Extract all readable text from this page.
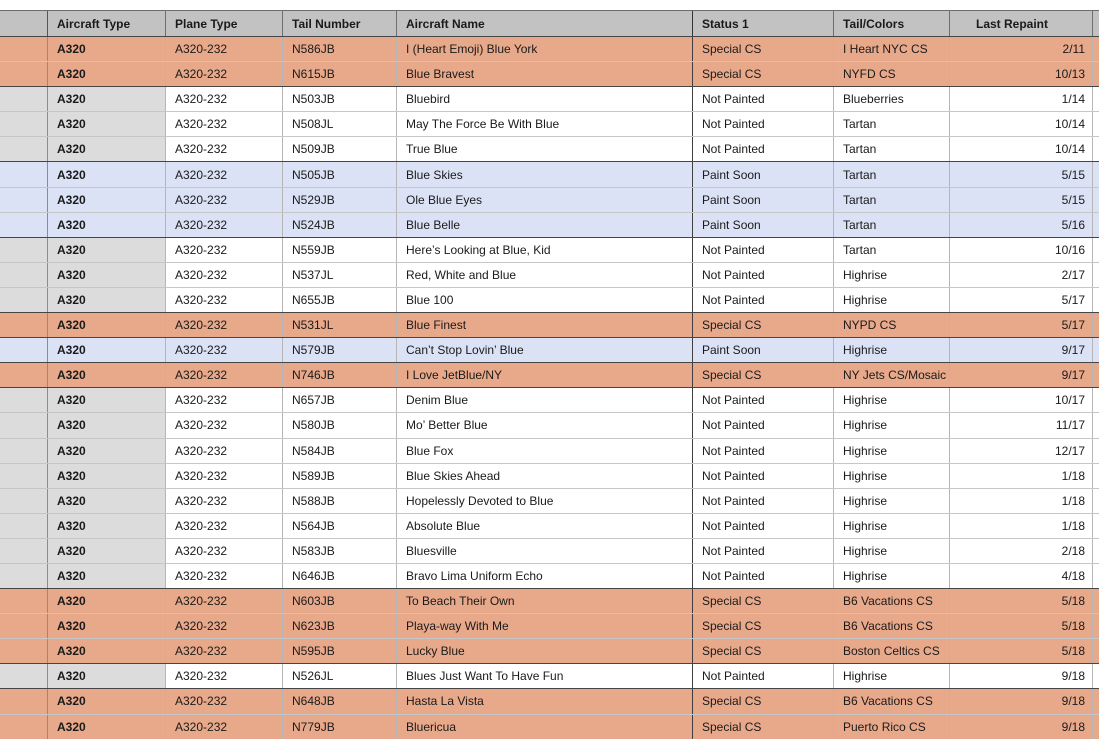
Aircraft Type	Plane Type	Tail Number	Aircraft Name	Status 1	Tail/Colors	Last Repaint
A320	A320-232	N586JB	I (Heart Emoji) Blue York	Special CS	I Heart NYC CS	2/11
A320	A320-232	N615JB	Blue Bravest	Special CS	NYFD CS	10/13
A320	A320-232	N503JB	Bluebird	Not Painted	Blueberries	1/14
A320	A320-232	N508JL	May The Force Be With Blue	Not Painted	Tartan	10/14
A320	A320-232	N509JB	True Blue	Not Painted	Tartan	10/14
A320	A320-232	N505JB	Blue Skies	Paint Soon	Tartan	5/15
A320	A320-232	N529JB	Ole Blue Eyes	Paint Soon	Tartan	5/15
A320	A320-232	N524JB	Blue Belle	Paint Soon	Tartan	5/16
A320	A320-232	N559JB	Here’s Looking at Blue, Kid	Not Painted	Tartan	10/16
A320	A320-232	N537JL	Red, White and Blue	Not Painted	Highrise	2/17
A320	A320-232	N655JB	Blue 100	Not Painted	Highrise	5/17
A320	A320-232	N531JL	Blue Finest	Special CS	NYPD CS	5/17
A320	A320-232	N579JB	Can’t Stop Lovin’ Blue	Paint Soon	Highrise	9/17
A320	A320-232	N746JB	I Love JetBlue/NY	Special CS	NY Jets CS/Mosaic	9/17
A320	A320-232	N657JB	Denim Blue	Not Painted	Highrise	10/17
A320	A320-232	N580JB	Mo’ Better Blue	Not Painted	Highrise	11/17
A320	A320-232	N584JB	Blue Fox	Not Painted	Highrise	12/17
A320	A320-232	N589JB	Blue Skies Ahead	Not Painted	Highrise	1/18
A320	A320-232	N588JB	Hopelessly Devoted to Blue	Not Painted	Highrise	1/18
A320	A320-232	N564JB	Absolute Blue	Not Painted	Highrise	1/18
A320	A320-232	N583JB	Bluesville	Not Painted	Highrise	2/18
A320	A320-232	N646JB	Bravo Lima Uniform Echo	Not Painted	Highrise	4/18
A320	A320-232	N603JB	To Beach Their Own	Special CS	B6 Vacations CS	5/18
A320	A320-232	N623JB	Playa-way With Me	Special CS	B6 Vacations CS	5/18
A320	A320-232	N595JB	Lucky Blue	Special CS	Boston Celtics CS	5/18
A320	A320-232	N526JL	Blues Just Want To Have Fun	Not Painted	Highrise	9/18
A320	A320-232	N648JB	Hasta La Vista	Special CS	B6 Vacations CS	9/18
A320	A320-232	N779JB	Bluericua	Special CS	Puerto Rico CS	9/18
